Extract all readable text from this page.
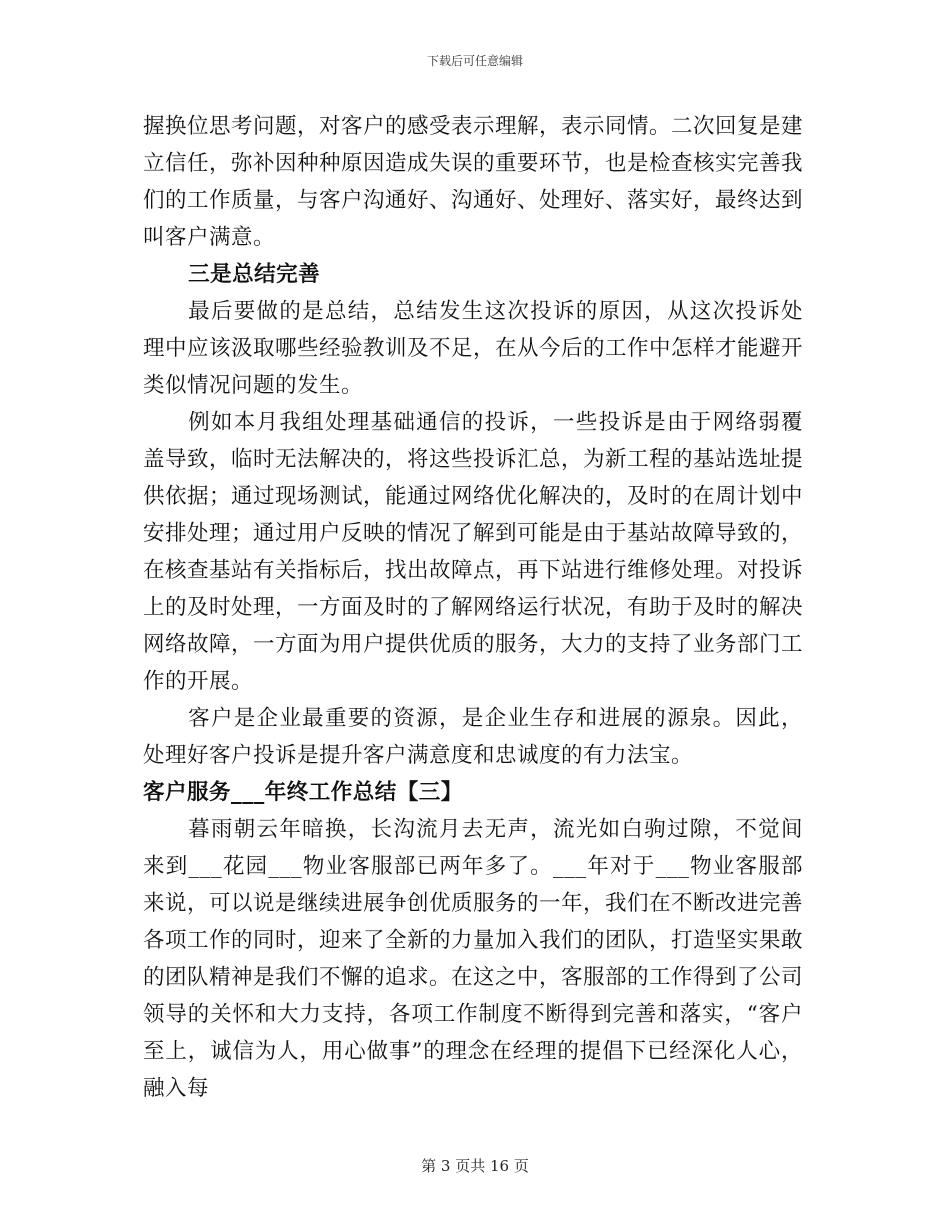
下载后可任意编辑

握换位思考问题，对客户的感受表示理解，表示同情。二次回复是建立信任，弥补因种种原因造成失误的重要环节，也是检查核实完善我们的工作质量，与客户沟通好、沟通好、处理好、落实好，最终达到叫客户满意。

三是总结完善

最后要做的是总结，总结发生这次投诉的原因，从这次投诉处理中应该汲取哪些经验教训及不足，在从今后的工作中怎样才能避开类似情况问题的发生。

例如本月我组处理基础通信的投诉，一些投诉是由于网络弱覆盖导致，临时无法解决的，将这些投诉汇总，为新工程的基站选址提供依据；通过现场测试，能通过网络优化解决的，及时的在周计划中安排处理；通过用户反映的情况了解到可能是由于基站故障导致的，在核查基站有关指标后，找出故障点，再下站进行维修处理。对投诉上的及时处理，一方面及时的了解网络运行状况，有助于及时的解决网络故障，一方面为用户提供优质的服务，大力的支持了业务部门工作的开展。

客户是企业最重要的资源，是企业生存和进展的源泉。因此，处理好客户投诉是提升客户满意度和忠诚度的有力法宝。

客户服务___年终工作总结【三】

暮雨朝云年暗换，长沟流月去无声，流光如白驹过隙，不觉间来到___花园___物业客服部已两年多了。___年对于___物业客服部来说，可以说是继续进展争创优质服务的一年，我们在不断改进完善各项工作的同时，迎来了全新的力量加入我们的团队，打造坚实果敢的团队精神是我们不懈的追求。在这之中，客服部的工作得到了公司领导的关怀和大力支持，各项工作制度不断得到完善和落实，“客户至上，诚信为人，用心做事”的理念在经理的提倡下已经深化人心，融入每

第 3 页共 16 页
